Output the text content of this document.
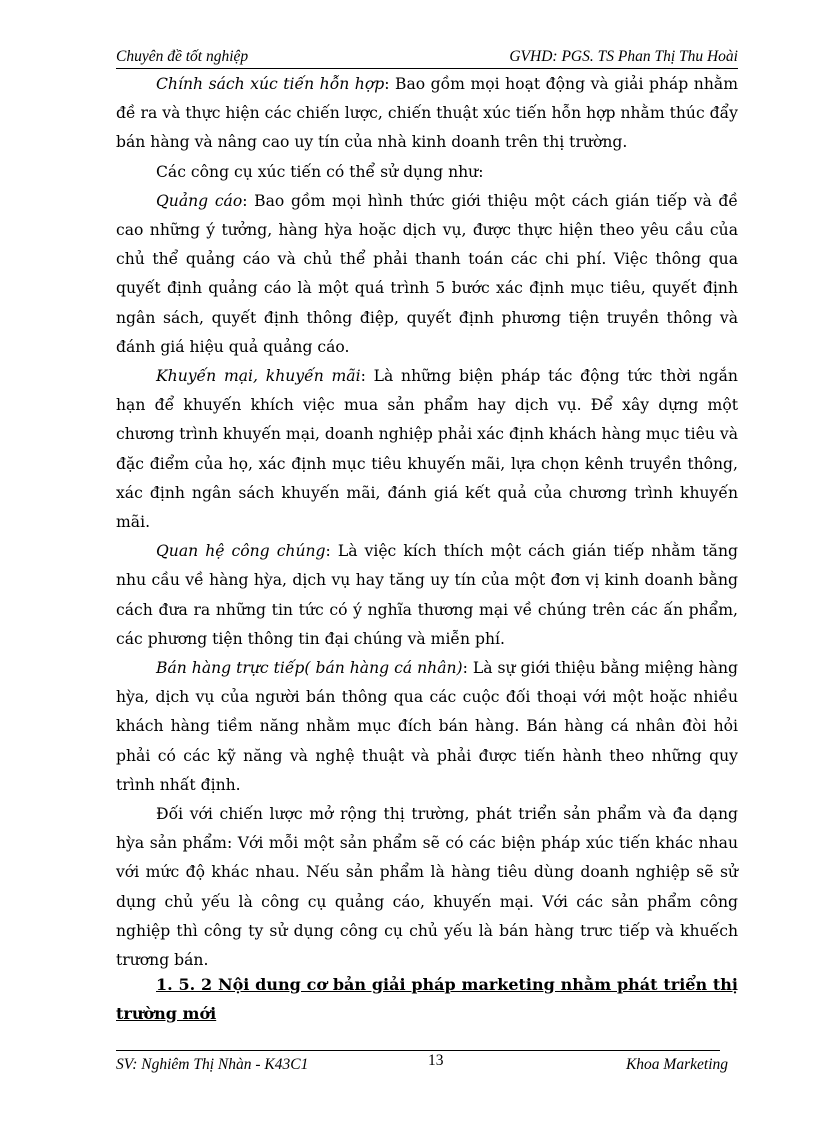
Chuyên đề tốt nghiệp	GVHD: PGS. TS Phan Thị Thu Hoài

Chính sách xúc tiến hỗn hợp: Bao gồm mọi hoạt động và giải pháp nhằm đề ra và thực hiện các chiến lược, chiến thuật xúc tiến hỗn hợp nhằm thúc đẩy bán hàng và nâng cao uy tín của nhà kinh doanh trên thị trường.

Các công cụ xúc tiến có thể sử dụng như:

Quảng cáo: Bao gồm mọi hình thức giới thiệu một cách gián tiếp và đề cao những ý tưởng, hàng hỳa hoặc dịch vụ, được thực hiện theo yêu cầu của chủ thể quảng cáo và chủ thể phải thanh toán các chi phí. Việc thông qua quyết định quảng cáo là một quá trình 5 bước xác định mục tiêu, quyết định ngân sách, quyết định thông điệp, quyết định phương tiện truyền thông và đánh giá hiệu quả quảng cáo.

Khuyến mại, khuyến mãi: Là những biện pháp tác động tức thời ngắn hạn để khuyến khích việc mua sản phẩm hay dịch vụ. Để xây dựng một chương trình khuyến mại, doanh nghiệp phải xác định khách hàng mục tiêu và đặc điểm của họ, xác định mục tiêu khuyến mãi, lựa chọn kênh truyền thông, xác định ngân sách khuyến mãi, đánh giá kết quả của chương trình khuyến mãi.

Quan hệ công chúng: Là việc kích thích một cách gián tiếp nhằm tăng nhu cầu về hàng hỳa, dịch vụ hay tăng uy tín của một đơn vị kinh doanh bằng cách đưa ra những tin tức có ý nghĩa thương mại về chúng trên các ấn phẩm, các phương tiện thông tin đại chúng và miễn phí.

Bán hàng trực tiếp( bán hàng cá nhân): Là sự giới thiệu bằng miệng hàng hỳa, dịch vụ của người bán thông qua các cuộc đối thoại với một hoặc nhiều khách hàng tiềm năng nhằm mục đích bán hàng. Bán hàng cá nhân đòi hỏi phải có các kỹ năng và nghệ thuật và phải được tiến hành theo những quy trình nhất định.

Đối với chiến lược mở rộng thị trường, phát triển sản phẩm và đa dạng hỳa sản phẩm: Với mỗi một sản phẩm sẽ có các biện pháp xúc tiến khác nhau với mức độ khác nhau. Nếu sản phẩm là hàng tiêu dùng doanh nghiệp sẽ sử dụng chủ yếu là công cụ quảng cáo, khuyến mại. Với các sản phẩm công nghiệp thì công ty sử dụng công cụ chủ yếu là bán hàng trưc tiếp và khuếch trương bán.

1. 5. 2 Nội dung cơ bản giải pháp marketing nhằm phát triển thị trường mới
SV: Nghiêm Thị Nhàn - K43C1	13	Khoa Marketing
